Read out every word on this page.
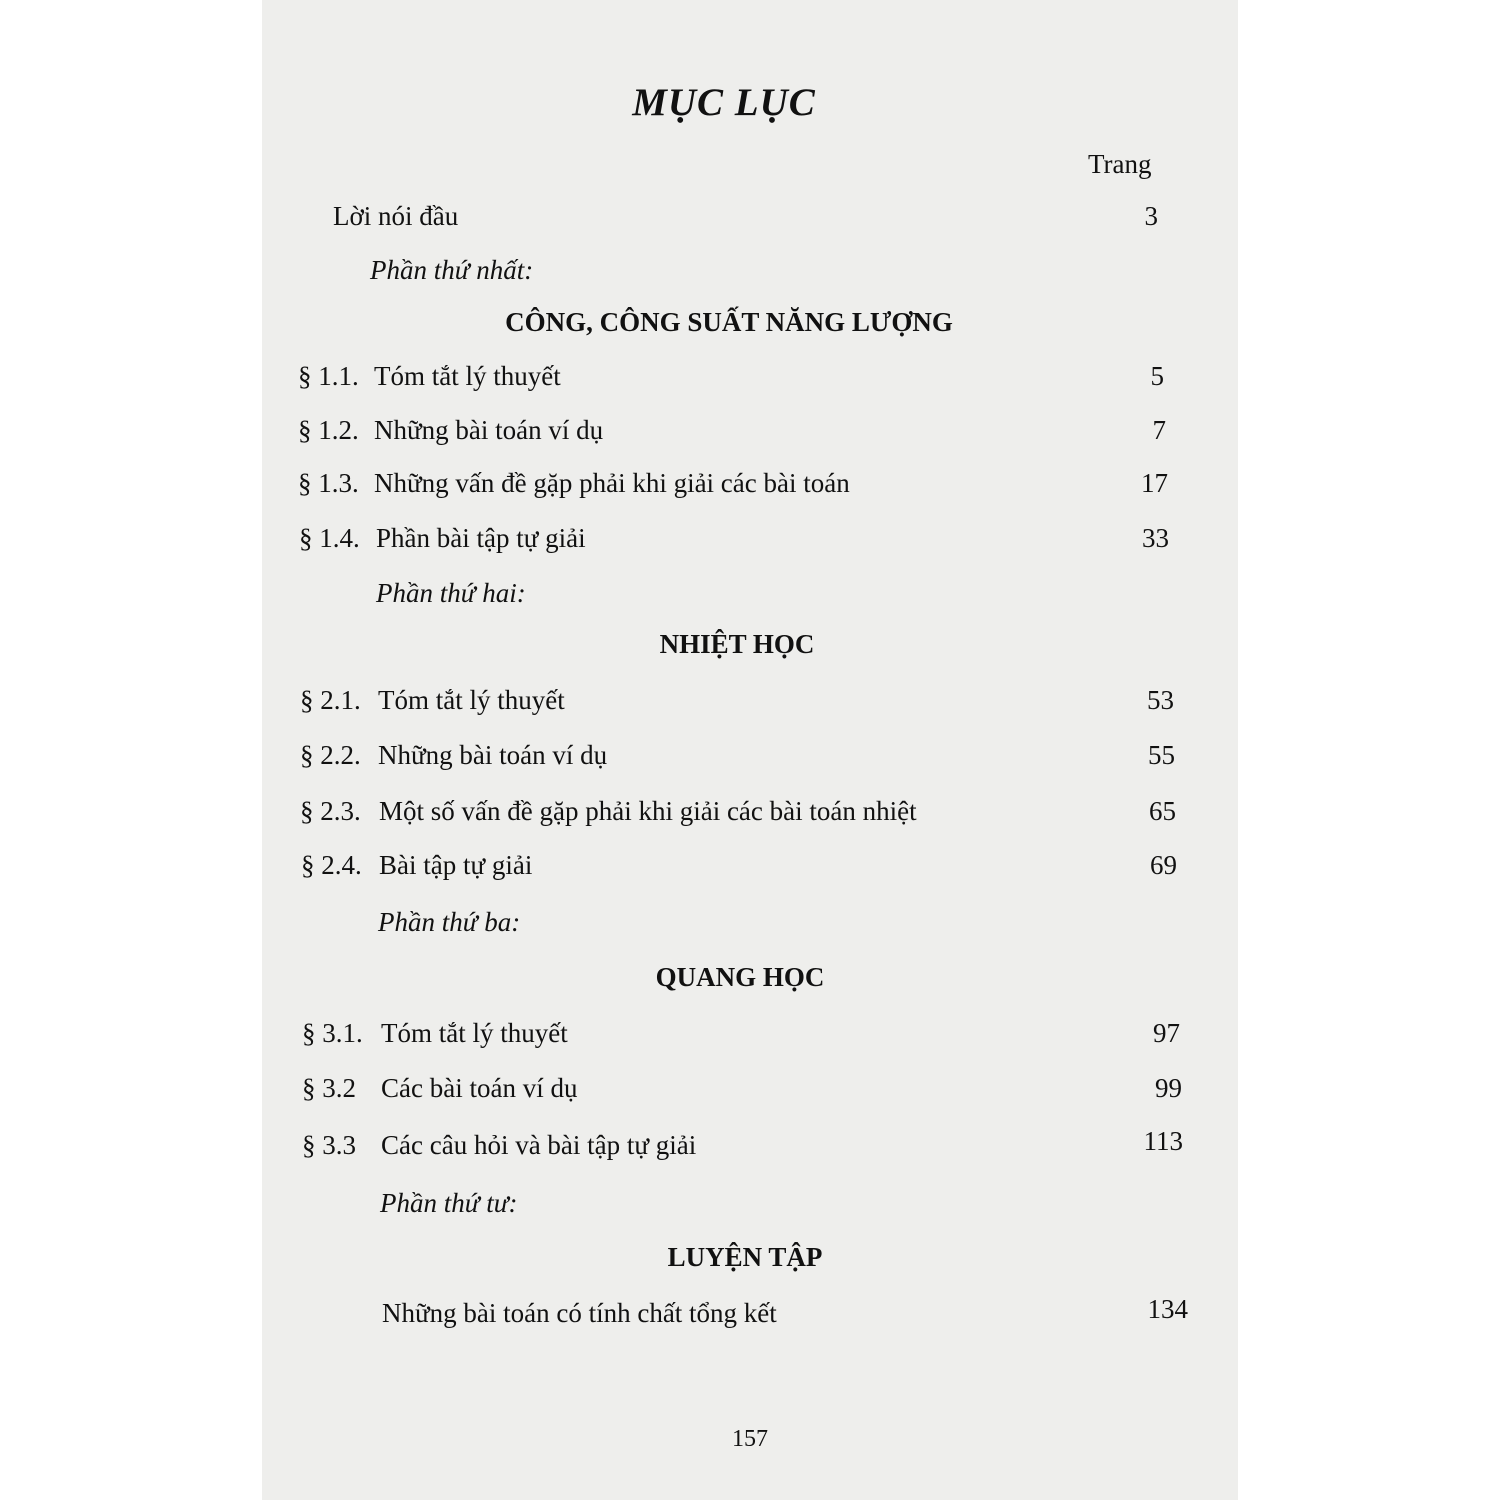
MỤC LỤC
Trang
Lời nói đầu	3
Phần thứ nhất:
CÔNG, CÔNG SUẤT NĂNG LƯỢNG
§ 1.1. Tóm tắt lý thuyết	5
§ 1.2. Những bài toán ví dụ	7
§ 1.3. Những vấn đề gặp phải khi giải các bài toán	17
§ 1.4. Phần bài tập tự giải	33
Phần thứ hai:
NHIỆT HỌC
§ 2.1. Tóm tắt lý thuyết	53
§ 2.2. Những bài toán ví dụ	55
§ 2.3. Một số vấn đề gặp phải khi giải các bài toán nhiệt	65
§ 2.4. Bài tập tự giải	69
Phần thứ ba:
QUANG HỌC
§ 3.1. Tóm tắt lý thuyết	97
§ 3.2 Các bài toán ví dụ	99
§ 3.3 Các câu hỏi và bài tập tự giải	113
Phần thứ tư:
LUYỆN TẬP
Những bài toán có tính chất tổng kết	134
157
